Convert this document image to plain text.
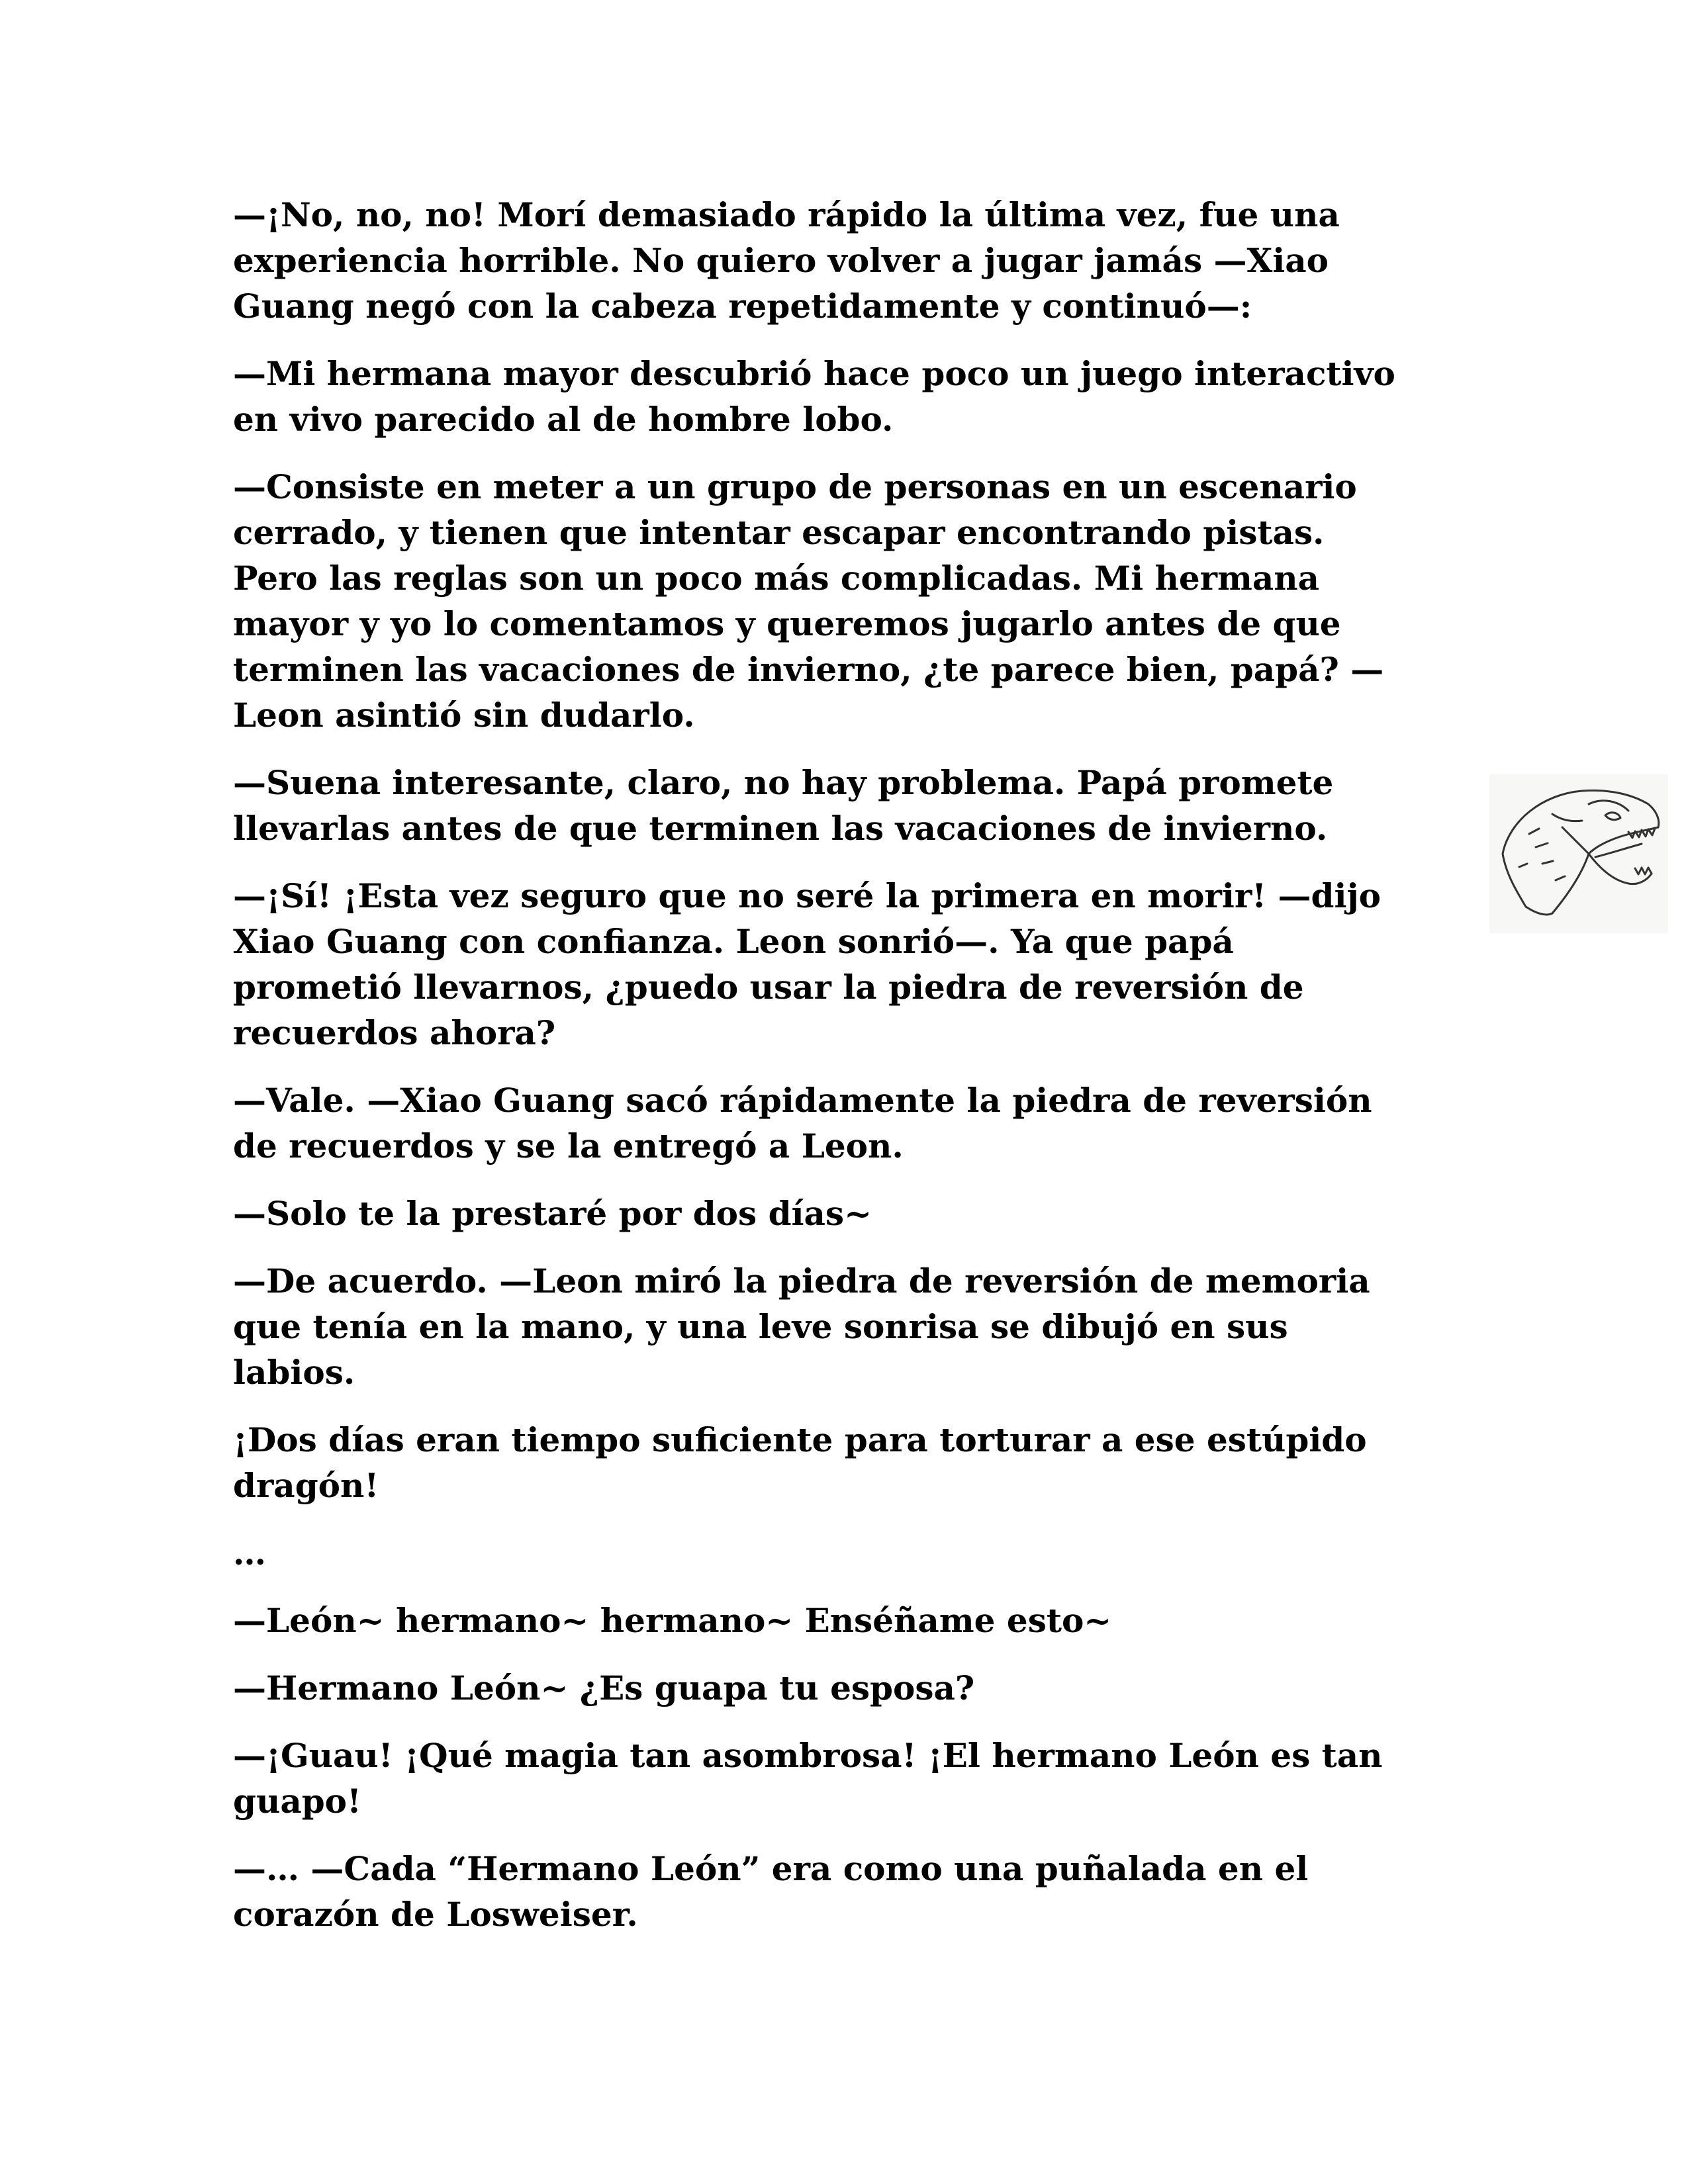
—¡No, no, no! Morí demasiado rápido la última vez, fue una
experiencia horrible. No quiero volver a jugar jamás —Xiao
Guang negó con la cabeza repetidamente y continuó—:

—Mi hermana mayor descubrió hace poco un juego interactivo
en vivo parecido al de hombre lobo.

—Consiste en meter a un grupo de personas en un escenario
cerrado, y tienen que intentar escapar encontrando pistas.
Pero las reglas son un poco más complicadas. Mi hermana
mayor y yo lo comentamos y queremos jugarlo antes de que
terminen las vacaciones de invierno, ¿te parece bien, papá? —
Leon asintió sin dudarlo.

—Suena interesante, claro, no hay problema. Papá promete
llevarlas antes de que terminen las vacaciones de invierno.

—¡Sí! ¡Esta vez seguro que no seré la primera en morir! —dijo
Xiao Guang con confianza. Leon sonrió—. Ya que papá
prometió llevarnos, ¿puedo usar la piedra de reversión de
recuerdos ahora?

—Vale. —Xiao Guang sacó rápidamente la piedra de reversión
de recuerdos y se la entregó a Leon.

—Solo te la prestaré por dos días~

—De acuerdo. —Leon miró la piedra de reversión de memoria
que tenía en la mano, y una leve sonrisa se dibujó en sus
labios.

¡Dos días eran tiempo suficiente para torturar a ese estúpido
dragón!

…

—León~ hermano~ hermano~ Enséñame esto~

—Hermano León~ ¿Es guapa tu esposa?

—¡Guau! ¡Qué magia tan asombrosa! ¡El hermano León es tan
guapo!

—… —Cada “Hermano León” era como una puñalada en el
corazón de Losweiser.
